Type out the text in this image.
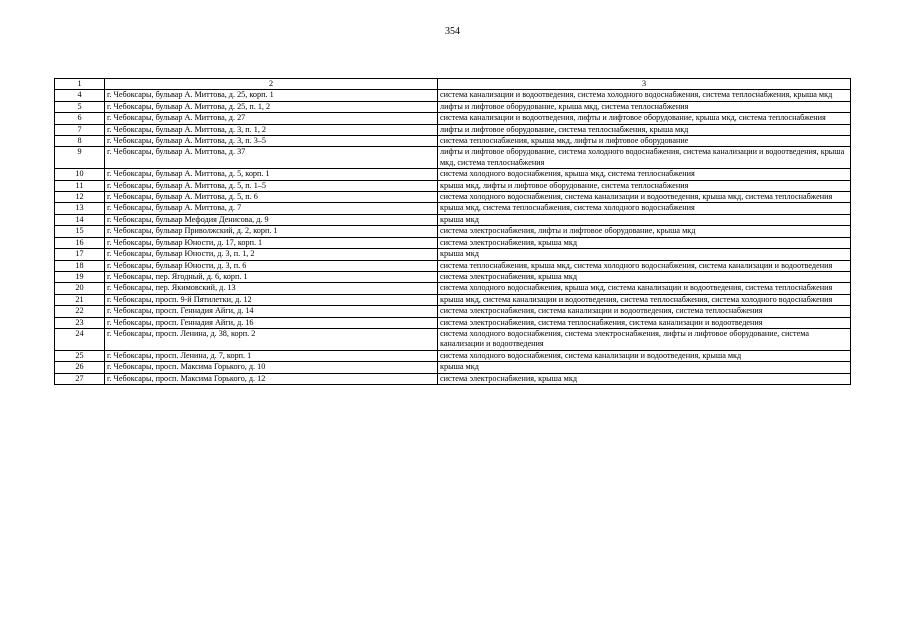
354
1	2	3
4	г. Чебоксары, бульвар А. Миттова, д. 25, корп. 1	система канализации и водоотведения, система холодного водоснабжения, система теплоснабжения, крыша мкд
5	г. Чебоксары, бульвар А. Миттова, д. 25, п. 1, 2	лифты и лифтовое оборудование, крыша мкд, система теплоснабжения
6	г. Чебоксары, бульвар А. Миттова, д. 27	система канализации и водоотведения, лифты и лифтовое оборудование, крыша мкд, система теплоснабжения
7	г. Чебоксары, бульвар А. Миттова, д. 3, п. 1, 2	лифты и лифтовое оборудование, система теплоснабжения, крыша мкд
8	г. Чебоксары, бульвар А. Миттова, д. 3, п. 3–5	система теплоснабжения, крыша мкд, лифты и лифтовое оборудование
9	г. Чебоксары, бульвар А. Миттова, д. 37	лифты и лифтовое оборудование, система холодного водоснабжения, система канализации и водоотведения, крыша мкд, система теплоснабжения
10	г. Чебоксары, бульвар А. Миттова, д. 5, корп. 1	система холодного водоснабжения, крыша мкд, система теплоснабжения
11	г. Чебоксары, бульвар А. Миттова, д. 5, п. 1–5	крыша мкд, лифты и лифтовое оборудование, система теплоснабжения
12	г. Чебоксары, бульвар А. Миттова, д. 5, п. 6	система холодного водоснабжения, система канализации и водоотведения, крыша мкд, система теплоснабжения
13	г. Чебоксары, бульвар А. Миттова, д. 7	крыша мкд, система теплоснабжения, система холодного водоснабжения
14	г. Чебоксары, бульвар Мефодия Денисова, д. 9	крыша мкд
15	г. Чебоксары, бульвар Приволжский, д. 2, корп. 1	система электроснабжения, лифты и лифтовое оборудование, крыша мкд
16	г. Чебоксары, бульвар Юности, д. 17, корп. 1	система электроснабжения, крыша мкд
17	г. Чебоксары, бульвар Юности, д. 3, п. 1, 2	крыша мкд
18	г. Чебоксары, бульвар Юности, д. 3, п. 6	система теплоснабжения, крыша мкд, система холодного водоснабжения, система канализации и водоотведения
19	г. Чебоксары, пер. Ягодный, д. 6, корп. 1	система электроснабжения, крыша мкд
20	г. Чебоксары, пер. Якимовский, д. 13	система холодного водоснабжения, крыша мкд, система канализации и водоотведения, система теплоснабжения
21	г. Чебоксары, просп. 9-й Пятилетки, д. 12	крыша мкд, система канализации и водоотведения, система теплоснабжения, система холодного водоснабжения
22	г. Чебоксары, просп. Геннадия Айги, д. 14	система электроснабжения, система канализации и водоотведения, система теплоснабжения
23	г. Чебоксары, просп. Геннадия Айги, д. 16	система электроснабжения, система теплоснабжения, система канализации и водоотведения
24	г. Чебоксары, просп. Ленина, д. 38, корп. 2	система холодного водоснабжения, система электроснабжения, лифты и лифтовое оборудование, система канализации и водоотведения
25	г. Чебоксары, просп. Ленина, д. 7, корп. 1	система холодного водоснабжения, система канализации и водоотведения, крыша мкд
26	г. Чебоксары, просп. Максима Горького, д. 10	крыша мкд
27	г. Чебоксары, просп. Максима Горького, д. 12	система электроснабжения, крыша мкд
